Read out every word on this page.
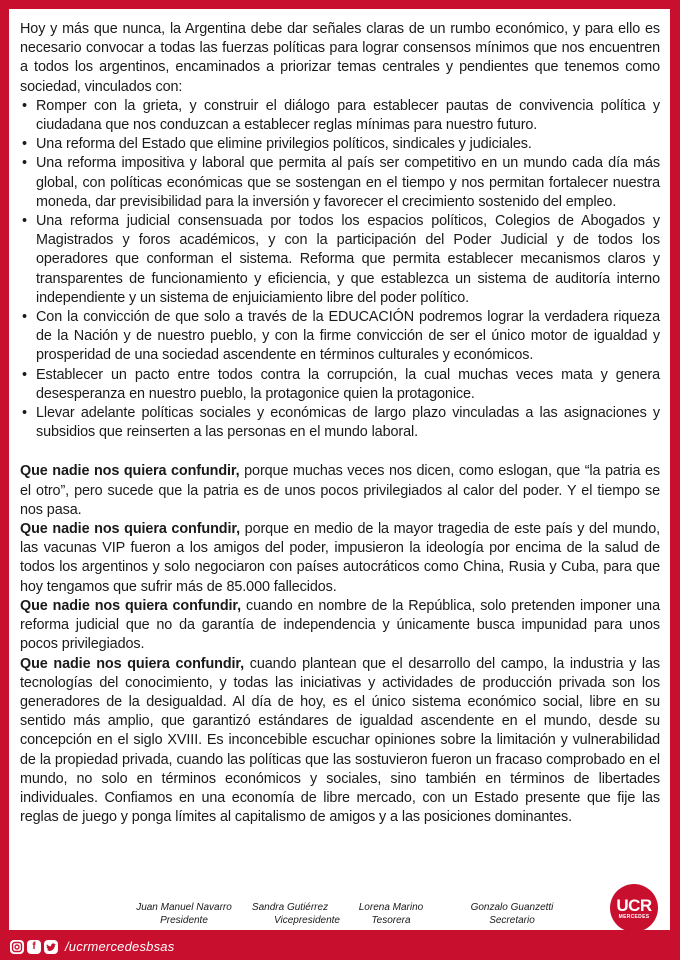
Hoy y más que nunca, la Argentina debe dar señales claras de un rumbo económico, y para ello es necesario convocar a todas las fuerzas políticas para lograr consensos mínimos que nos encuentren a todos los argentinos, encaminados a priorizar temas centrales y pendientes que tenemos como sociedad, vinculados con:

• Romper con la grieta, y construir el diálogo para establecer pautas de convivencia política y ciudadana que nos conduzcan a establecer reglas mínimas para nuestro futuro.
• Una reforma del Estado que elimine privilegios políticos, sindicales y judiciales.
• Una reforma impositiva y laboral que permita al país ser competitivo en un mundo cada día más global, con políticas económicas que se sostengan en el tiempo y nos permitan fortalecer nuestra moneda, dar previsibilidad para la inversión y favorecer el crecimiento sostenido del empleo.
• Una reforma judicial consensuada por todos los espacios políticos, Colegios de Abogados y Magistrados y foros académicos, y con la participación del Poder Judicial y de todos los operadores que conforman el sistema. Reforma que permita establecer mecanismos claros y transparentes de funcionamiento y eficiencia, y que establezca un sistema de auditoría interno independiente y un sistema de enjuiciamiento libre del poder político.
• Con la convicción de que solo a través de la EDUCACIÓN podremos lograr la verdadera riqueza de la Nación y de nuestro pueblo, y con la firme convicción de ser el único motor de igualdad y prosperidad de una sociedad ascendente en términos culturales y económicos.
• Establecer un pacto entre todos contra la corrupción, la cual muchas veces mata y genera desesperanza en nuestro pueblo, la protagonice quien la protagonice.
• Llevar adelante políticas sociales y económicas de largo plazo vinculadas a las asignaciones y subsidios que reinserten a las personas en el mundo laboral.

Que nadie nos quiera confundir, porque muchas veces nos dicen, como eslogan, que “la patria es el otro”, pero sucede que la patria es de unos pocos privilegiados al calor del poder. Y el tiempo se nos pasa.

Que nadie nos quiera confundir, porque en medio de la mayor tragedia de este país y del mundo, las vacunas VIP fueron a los amigos del poder, impusieron la ideología por encima de la salud de todos los argentinos y solo negociaron con países autocráticos como China, Rusia y Cuba, para que hoy tengamos que sufrir más de 85.000 fallecidos.

Que nadie nos quiera confundir, cuando en nombre de la República, solo pretenden imponer una reforma judicial que no da garantía de independencia y únicamente busca impunidad para unos pocos privilegiados.

Que nadie nos quiera confundir, cuando plantean que el desarrollo del campo, la industria y las tecnologías del conocimiento, y todas las iniciativas y actividades de producción privada son los generadores de la desigualdad. Al día de hoy, es el único sistema económico social, libre en su sentido más amplio, que garantizó estándares de igualdad ascendente en el mundo, desde su concepción en el siglo XVIII. Es inconcebible escuchar opiniones sobre la limitación y vulnerabilidad de la propiedad privada, cuando las políticas que las sostuvieron fueron un fracaso comprobado en el mundo, no solo en términos económicos y sociales, sino también en términos de libertades individuales. Confiamos en una economía de libre mercado, con un Estado presente que fije las reglas de juego y ponga límites al capitalismo de amigos y a las posiciones dominantes.

Juan Manuel Navarro
Presidente
Sandra Gutiérrez
Vicepresidente
Lorena Marino
Tesorera
Gonzalo Guanzetti
Secretario
UCR
MERCEDES
f	/ucrmercedesbsas
